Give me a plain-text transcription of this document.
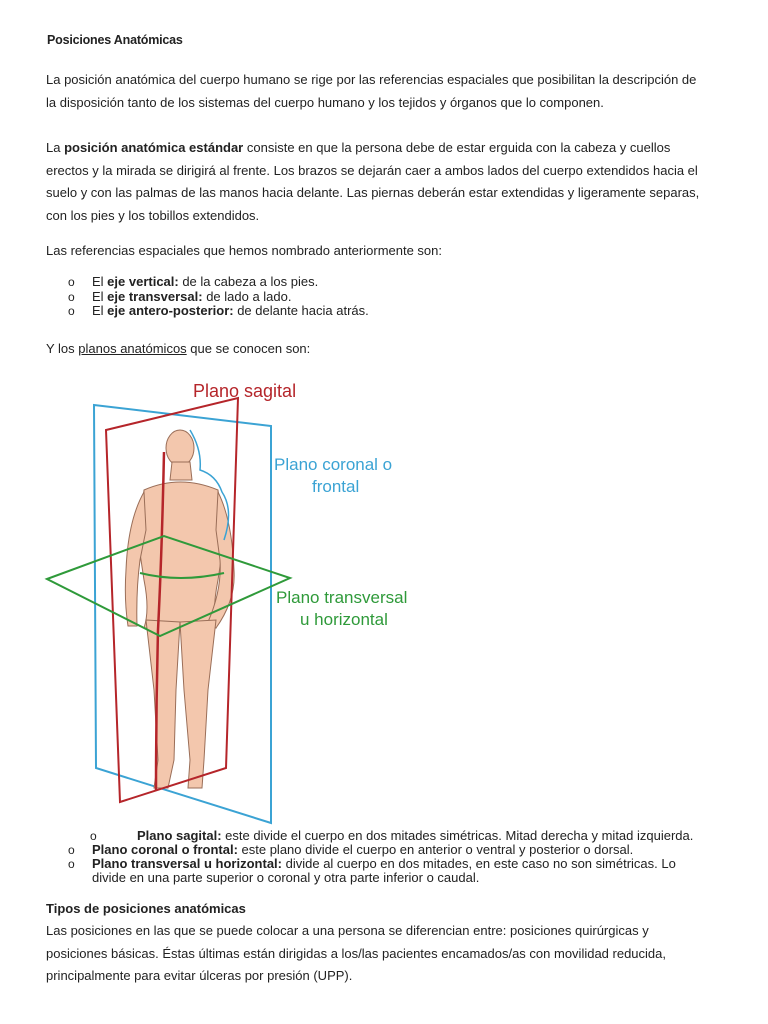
Posiciones Anatómicas

La posición anatómica del cuerpo humano se rige por las referencias espaciales que posibilitan la descripción de la disposición tanto de los sistemas del cuerpo humano y los tejidos y órganos que lo componen.

La posición anatómica estándar consiste en que la persona debe de estar erguida con la cabeza y cuellos erectos y la mirada se dirigirá al frente. Los brazos se dejarán caer a ambos lados del cuerpo extendidos hacia el suelo y con las palmas de las manos hacia delante. Las piernas deberán estar extendidas y ligeramente separas, con los pies y los tobillos extendidos.

Las referencias espaciales que hemos nombrado anteriormente son:

o El eje vertical: de la cabeza a los pies.
o El eje transversal: de lado a lado.
o El eje antero-posterior: de delante hacia atrás.

Y los planos anatómicos que se conocen son:

Plano sagital
Plano coronal o
frontal
Plano transversal
u horizontal
o	Plano sagital: este divide el cuerpo en dos mitades simétricas. Mitad derecha y mitad izquierda.
o Plano coronal o frontal: este plano divide el cuerpo en anterior o ventral y posterior o dorsal.
o Plano transversal u horizontal: divide al cuerpo en dos mitades, en este caso no son simétricas. Lo divide en una parte superior o coronal y otra parte inferior o caudal.
Tipos de posiciones anatómicas

Las posiciones en las que se puede colocar a una persona se diferencian entre: posiciones quirúrgicas y posiciones básicas. Éstas últimas están dirigidas a los/las pacientes encamados/as con movilidad reducida, principalmente para evitar úlceras por presión (UPP).
